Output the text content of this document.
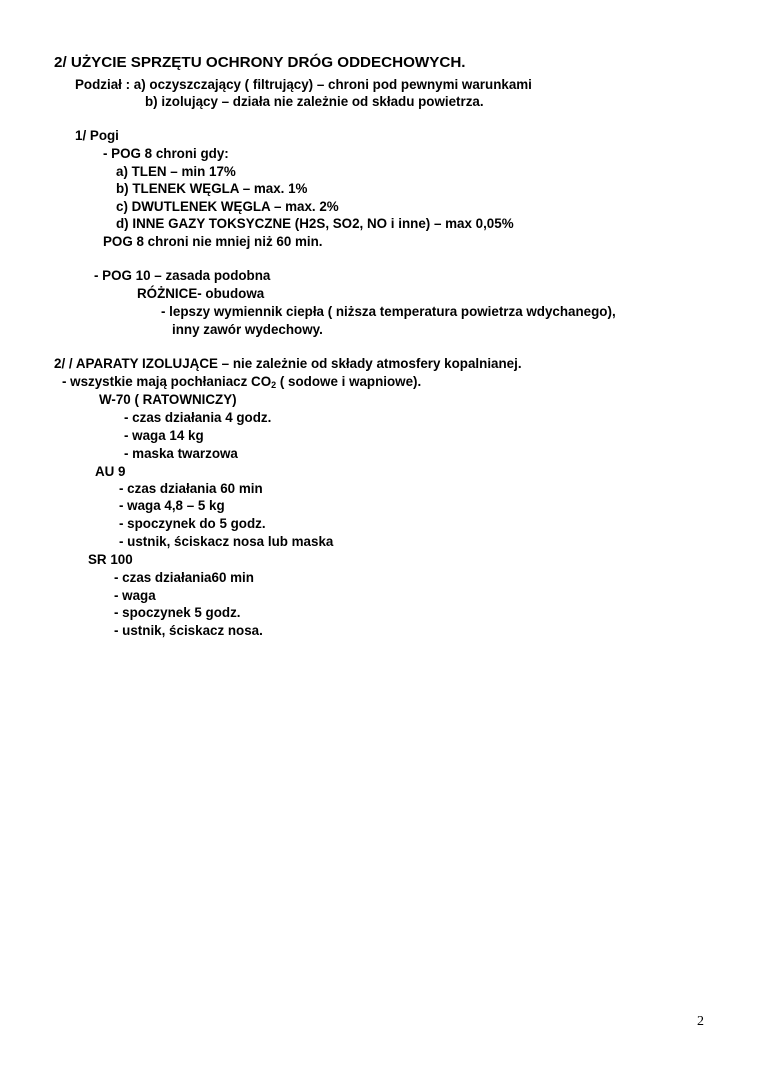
2/ UŻYCIE SPRZĘTU OCHRONY DRÓG ODDECHOWYCH.
Podział : a) oczyszczający ( filtrujący) – chroni pod pewnymi warunkami
b) izolujący – działa nie zależnie od składu powietrza.
1/ Pogi
- POG 8 chroni gdy:
a) TLEN – min 17%
b) TLENEK WĘGLA – max. 1%
c) DWUTLENEK WĘGLA – max. 2%
d) INNE GAZY TOKSYCZNE (H2S, SO2, NO i inne) – max 0,05%
POG 8 chroni nie mniej niż 60 min.
- POG 10 – zasada podobna
RÓŻNICE- obudowa
- lepszy wymiennik ciepła ( niższa temperatura powietrza wdychanego),
inny zawór wydechowy.
2/ / APARATY IZOLUJĄCE – nie zależnie od składy atmosfery kopalnianej.
- wszystkie mają pochłaniacz $CO_2$ ( sodowe i wapniowe).
W-70 ( RATOWNICZY)
- czas działania 4 godz.
- waga 14 kg
- maska twarzowa
AU 9
- czas działania 60 min
- waga 4,8 – 5 kg
- spoczynek do 5 godz.
- ustnik, ściskacz nosa lub maska
SR 100
- czas działania60 min
- waga
- spoczynek 5 godz.
- ustnik, ściskacz nosa.
2
